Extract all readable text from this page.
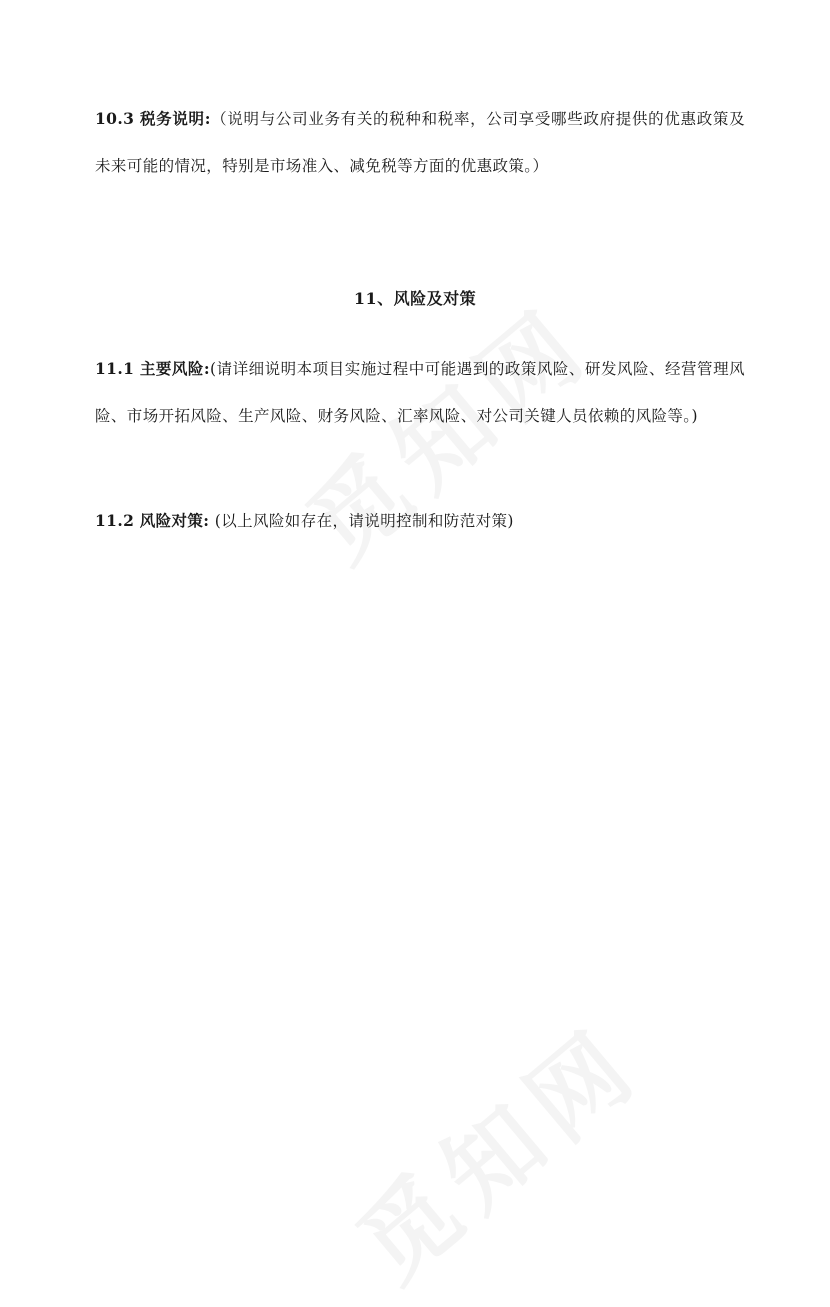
10.3 税务说明:（说明与公司业务有关的税种和税率，公司享受哪些政府提供的优惠政策及未来可能的情况，特别是市场准入、减免税等方面的优惠政策。）

11、风险及对策

11.1 主要风险:(请详细说明本项目实施过程中可能遇到的政策风险、研发风险、经营管理风险、市场开拓风险、生产风险、财务风险、汇率风险、对公司关键人员依赖的风险等。)

11.2 风险对策: (以上风险如存在，请说明控制和防范对策)
